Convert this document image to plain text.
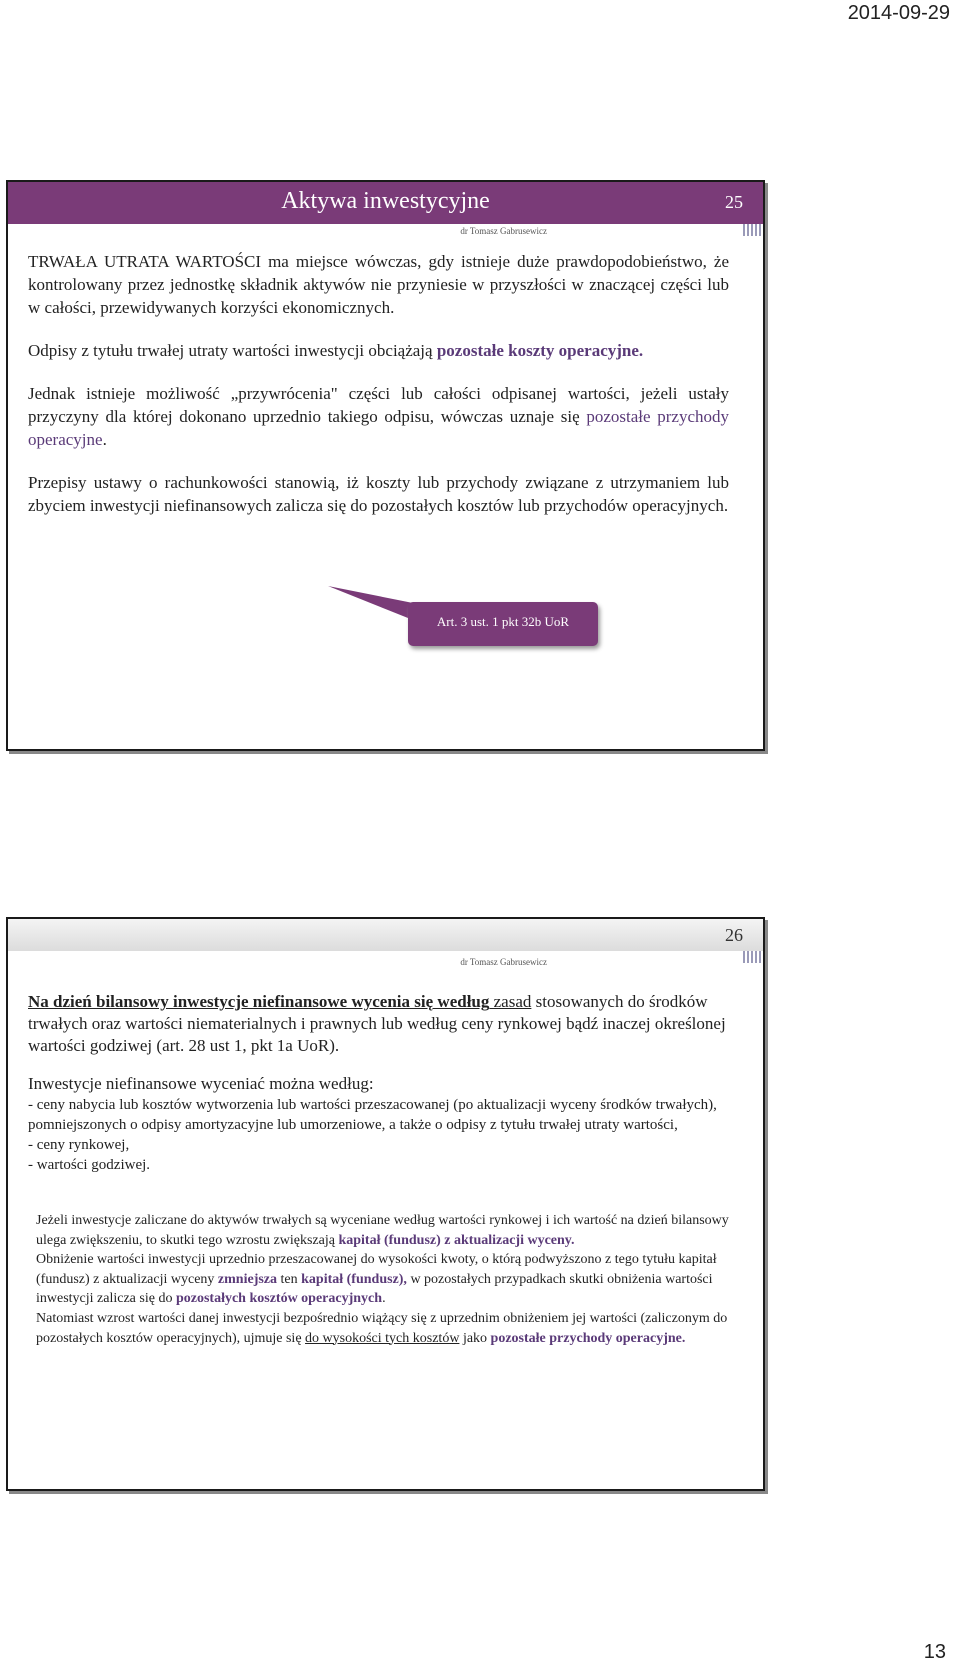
2014-09-29
Aktywa inwestycyjne	25
dr Tomasz Gabrusewicz

TRWAŁA UTRATA WARTOŚCI ma miejsce wówczas, gdy istnieje duże prawdopodobieństwo, że kontrolowany przez jednostkę składnik aktywów nie przyniesie w przyszłości w znaczącej części lub w całości, przewidywanych korzyści ekonomicznych.

Odpisy z tytułu trwałej utraty wartości inwestycji obciążają pozostałe koszty operacyjne.

Jednak istnieje możliwość „przywrócenia" części lub całości odpisanej wartości, jeżeli ustały przyczyny dla której dokonano uprzednio takiego odpisu, wówczas uznaje się pozostałe przychody operacyjne.

Przepisy ustawy o rachunkowości stanowią, iż koszty lub przychody związane z utrzymaniem lub zbyciem inwestycji niefinansowych zalicza się do pozostałych kosztów lub przychodów operacyjnych.

Art. 3 ust. 1 pkt 32b UoR
26
dr Tomasz Gabrusewicz

Na dzień bilansowy inwestycje niefinansowe wycenia się według zasad stosowanych do środków trwałych oraz wartości niematerialnych i prawnych lub według ceny rynkowej bądź inaczej określonej wartości godziwej (art. 28 ust 1, pkt 1a UoR).

Inwestycje niefinansowe wyceniać można według:
- ceny nabycia lub kosztów wytworzenia lub wartości przeszacowanej (po aktualizacji wyceny środków trwałych), pomniejszonych o odpisy amortyzacyjne lub umorzeniowe, a także o odpisy z tytułu trwałej utraty wartości,
- ceny rynkowej,
- wartości godziwej.

Jeżeli inwestycje zaliczane do aktywów trwałych są wyceniane według wartości rynkowej i ich wartość na dzień bilansowy ulega zwiększeniu, to skutki tego wzrostu zwiększają kapitał (fundusz) z aktualizacji wyceny.

Obniżenie wartości inwestycji uprzednio przeszacowanej do wysokości kwoty, o którą podwyższono z tego tytułu kapitał (fundusz) z aktualizacji wyceny zmniejsza ten kapitał (fundusz), w pozostałych przypadkach skutki obniżenia wartości inwestycji zalicza się do pozostałych kosztów operacyjnych.

Natomiast wzrost wartości danej inwestycji bezpośrednio wiążący się z uprzednim obniżeniem jej wartości (zaliczonym do pozostałych kosztów operacyjnych), ujmuje się do wysokości tych kosztów jako pozostałe przychody operacyjne.

13
